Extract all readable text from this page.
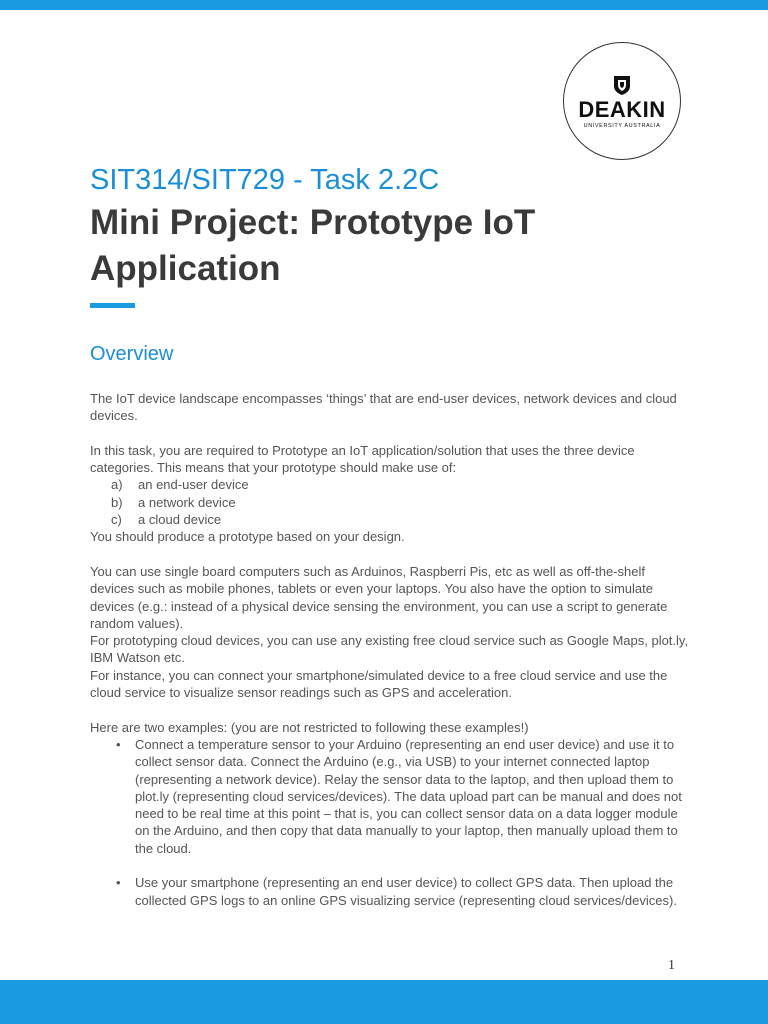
DEAKIN
UNIVERSITY AUSTRALIA
SIT314/SIT729 - Task 2.2C
Mini Project: Prototype IoT Application
Overview

The IoT device landscape encompasses ‘things’ that are end-user devices, network devices and cloud devices.

In this task, you are required to Prototype an IoT application/solution that uses the three device categories. This means that your prototype should make use of:

a)	an end-user device
b)	a network device
c)	a cloud device

You should produce a prototype based on your design.

You can use single board computers such as Arduinos, Raspberri Pis, etc as well as off-the-shelf devices such as mobile phones, tablets or even your laptops. You also have the option to simulate devices (e.g.: instead of a physical device sensing the environment, you can use a script to generate random values).

For prototyping cloud devices, you can use any existing free cloud service such as Google Maps, plot.ly, IBM Watson etc.

For instance, you can connect your smartphone/simulated device to a free cloud service and use the cloud service to visualize sensor readings such as GPS and acceleration.

Here are two examples: (you are not restricted to following these examples!)

• Connect a temperature sensor to your Arduino (representing an end user device) and use it to collect sensor data. Connect the Arduino (e.g., via USB) to your internet connected laptop (representing a network device). Relay the sensor data to the laptop, and then upload them to plot.ly (representing cloud services/devices). The data upload part can be manual and does not need to be real time at this point – that is, you can collect sensor data on a data logger module on the Arduino, and then copy that data manually to your laptop, then manually upload them to the cloud.
• Use your smartphone (representing an end user device) to collect GPS data. Then upload the collected GPS logs to an online GPS visualizing service (representing cloud services/devices).
1
